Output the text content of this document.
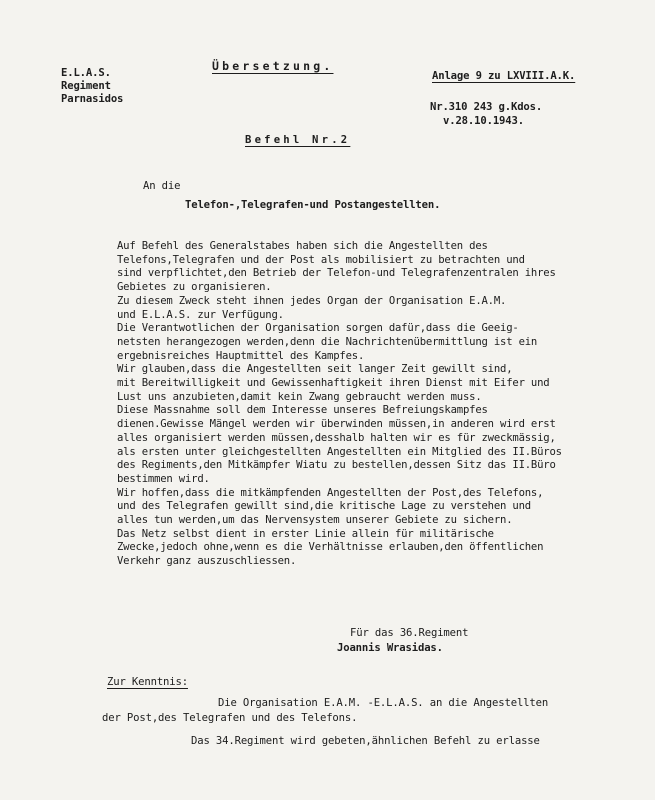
E.L.A.S.
Regiment
Parnasidos
Übersetzung.
Anlage 9 zu LXVIII.A.K.
Nr.310 243 g.Kdos.
v.28.10.1943.
Befehl Nr.2
An die
Telefon-,Telegrafen-und Postangestellten.

Auf Befehl des Generalstabes haben sich die Angestellten des

Telefons,Telegrafen und der Post als mobilisiert zu betrachten und

sind verpflichtet,den Betrieb der Telefon-und Telegrafenzentralen ihres

Gebietes zu organisieren.

Zu diesem Zweck steht ihnen jedes Organ der Organisation E.A.M.

und E.L.A.S. zur Verfügung.

Die Verantwotlichen der Organisation sorgen dafür,dass die Geeig-

netsten herangezogen werden,denn die Nachrichtenübermittlung ist ein

ergebnisreiches Hauptmittel des Kampfes.

Wir glauben,dass die Angestellten seit langer Zeit gewillt sind,

mit Bereitwilligkeit und Gewissenhaftigkeit ihren Dienst mit Eifer und

Lust uns anzubieten,damit kein Zwang gebraucht werden muss.

Diese Massnahme soll dem Interesse unseres Befreiungskampfes

dienen.Gewisse Mängel werden wir überwinden müssen,in anderen wird erst

alles organisiert werden müssen,desshalb halten wir es für zweckmässig,

als ersten unter gleichgestellten Angestellten ein Mitglied des II.Büros

des Regiments,den Mitkämpfer Wiatu zu bestellen,dessen Sitz das II.Büro

bestimmen wird.

Wir hoffen,dass die mitkämpfenden Angestellten der Post,des Telefons,

und des Telegrafen gewillt sind,die kritische Lage zu verstehen und

alles tun werden,um das Nervensystem unserer Gebiete zu sichern.

Das Netz selbst dient in erster Linie allein für militärische

Zwecke,jedoch ohne,wenn es die Verhältnisse erlauben,den öffentlichen

Verkehr ganz auszuschliessen.

Für das 36.Regiment
Joannis Wrasidas.
Zur Kenntnis:
Die Organisation E.A.M. -E.L.A.S. an die Angestellten
der Post,des Telegrafen und des Telefons.
Das 34.Regiment wird gebeten,ähnlichen Befehl zu erlasse
